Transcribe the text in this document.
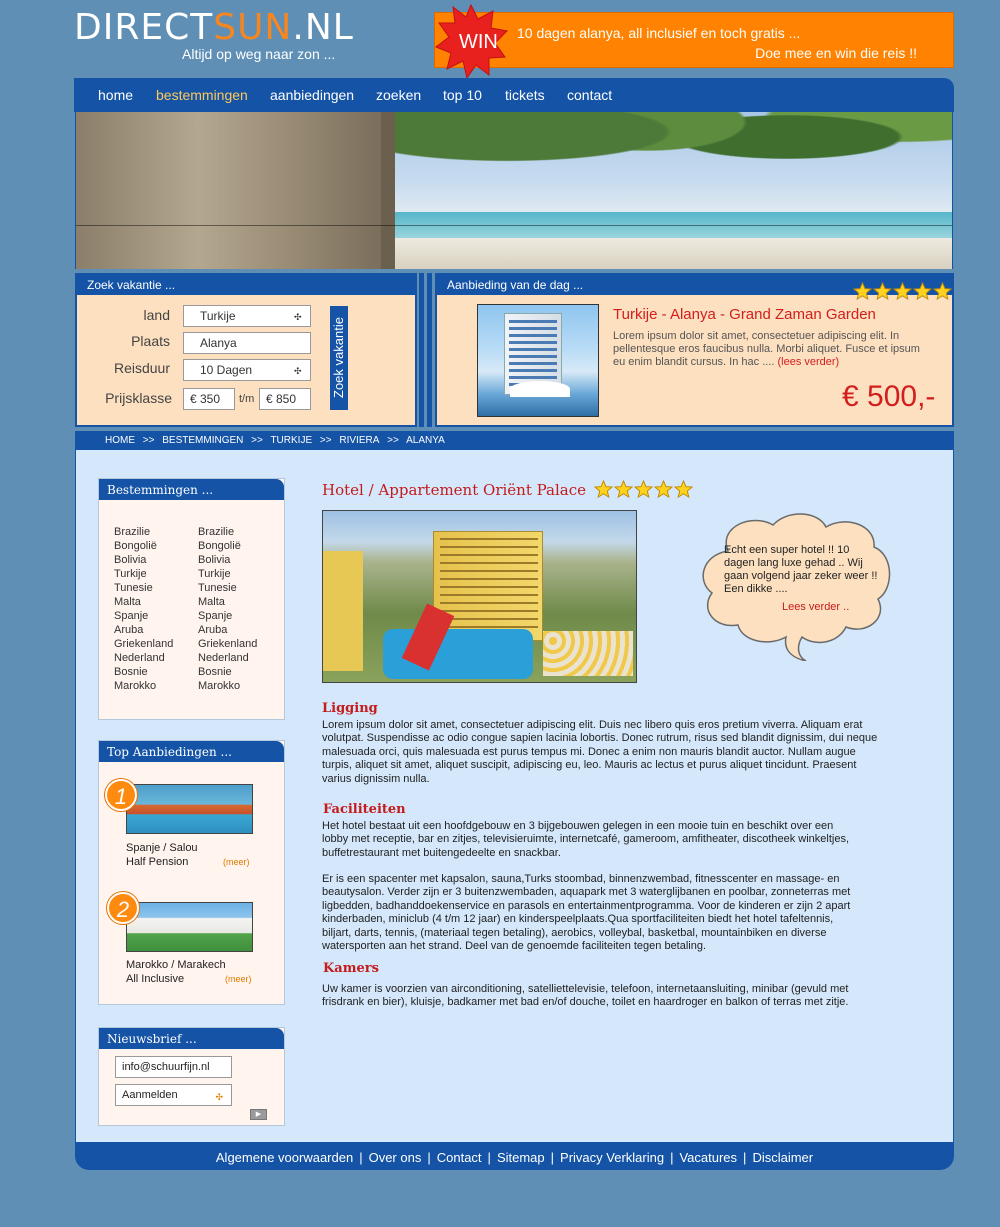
DIRECTSUN.NL
Altijd op weg naar zon ...
WIN 10 dagen alanya, all inclusief en toch gratis ...
Doe mee en win die reis !!
home bestemmingen aanbiedingen zoeken top 10 tickets contact
Zoek vakantie ...
land	Turkije	✣
Plaats	Alanya
Reisduur	10 Dagen	✣
Prijsklasse	€ 350	t/m € 850
Zoek vakantie
Aanbieding van de dag ...
Turkije - Alanya - Grand Zaman Garden
Lorem ipsum dolor sit amet, consectetuer adipiscing elit. In pellentesque eros faucibus nulla. Morbi aliquet. Fusce et ipsum eu enim blandit cursus. In hac .... (lees verder)
€ 500,-
HOME >> BESTEMMINGEN >> TURKIJE >> RIVIERA >> ALANYA
Bestemmingen ...
Brazilie
Bongolië
Bolivia
Turkije
Tunesie
Malta
Spanje
Aruba
Griekenland
Nederland
Bosnie
Marokko
Brazilie
Bongolië
Bolivia
Turkije
Tunesie
Malta
Spanje
Aruba
Griekenland
Nederland
Bosnie
Marokko
Top Aanbiedingen ...
1
Spanje / Salou
Half Pension	(meer)
2
Marokko / Marakech
All Inclusive	(meer)
Nieuwsbrief ...
info@schuurfijn.nl
Aanmelden	✣
▶
Hotel / Appartement Oriënt Palace
Echt een super hotel !! 10 dagen lang luxe gehad .. Wij gaan volgend jaar zeker weer !! Een dikke ....
Lees verder ..
Ligging
Lorem ipsum dolor sit amet, consectetuer adipiscing elit. Duis nec libero quis eros pretium viverra. Aliquam erat volutpat. Suspendisse ac odio congue sapien lacinia lobortis. Donec rutrum, risus sed blandit dignissim, dui neque malesuada orci, quis malesuada est purus tempus mi. Donec a enim non mauris blandit auctor. Nullam augue turpis, aliquet sit amet, aliquet suscipit, adipiscing eu, leo. Mauris ac lectus et purus aliquet tincidunt. Praesent varius dignissim nulla.
Faciliteiten
Het hotel bestaat uit een hoofdgebouw en 3 bijgebouwen gelegen in een mooie tuin en beschikt over een lobby met receptie, bar en zitjes, televisieruimte, internetcafé, gameroom, amfitheater, discotheek winkeltjes, buffetrestaurant met buitengedeelte en snackbar.
Er is een spacenter met kapsalon, sauna,Turks stoombad, binnenzwembad, fitnesscenter en massage- en beautysalon. Verder zijn er 3 buitenzwembaden, aquapark met 3 waterglijbanen en poolbar, zonneterras met ligbedden, badhanddoekenservice en parasols en entertainmentprogramma. Voor de kinderen er zijn 2 apart kinderbaden, miniclub (4 t/m 12 jaar) en kinderspeelplaats.Qua sportfaciliteiten biedt het hotel tafeltennis, biljart, darts, tennis, (materiaal tegen betaling), aerobics, volleybal, basketbal, mountainbiken en diverse watersporten aan het strand. Deel van de genoemde faciliteiten tegen betaling.
Kamers
Uw kamer is voorzien van airconditioning, satelliettelevisie, telefoon, internetaansluiting, minibar (gevuld met frisdrank en bier), kluisje, badkamer met bad en/of douche, toilet en haardroger en balkon of terras met zitje.
Algemene voorwaarden | Over ons | Contact | Sitemap | Privacy Verklaring | Vacatures | Disclaimer
